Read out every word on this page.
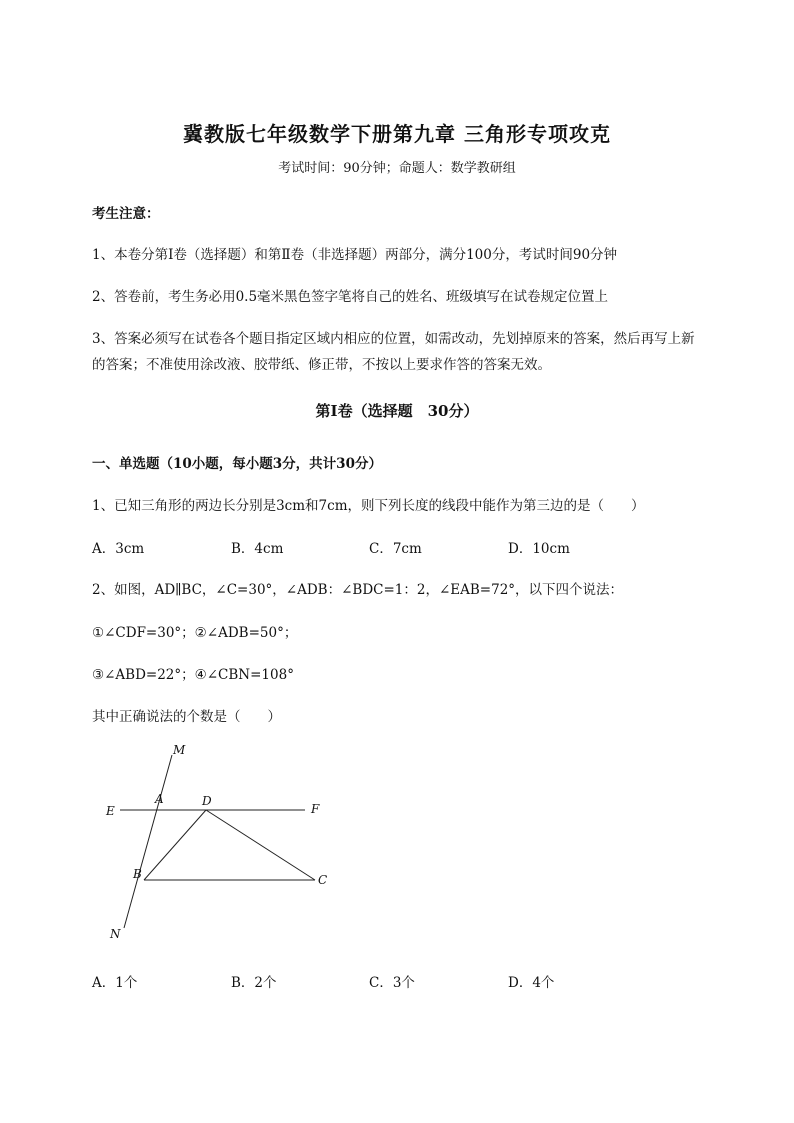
冀教版七年级数学下册第九章 三角形专项攻克
考试时间：90分钟；命题人：数学教研组
考生注意：
1、本卷分第I卷（选择题）和第Ⅱ卷（非选择题）两部分，满分100分，考试时间90分钟
2、答卷前，考生务必用0.5毫米黑色签字笔将自己的姓名、班级填写在试卷规定位置上
3、答案必须写在试卷各个题目指定区域内相应的位置，如需改动，先划掉原来的答案，然后再写上新
的答案；不准使用涂改液、胶带纸、修正带，不按以上要求作答的答案无效。
第I卷（选择题　30分）
一、单选题（10小题，每小题3分，共计30分）
1、已知三角形的两边长分别是3cm和7cm，则下列长度的线段中能作为第三边的是（　　）
A．3cm	B．4cm	C．7cm	D．10cm
2、如图，AD∥BC，∠C=30°，∠ADB：∠BDC=1：2，∠EAB=72°，以下四个说法：
①∠CDF=30°；②∠ADB=50°；
③∠ABD=22°；④∠CBN=108°
其中正确说法的个数是（　　）
M
A	D
E	F
B	C
N
A．1个	B．2个	C．3个	D．4个
